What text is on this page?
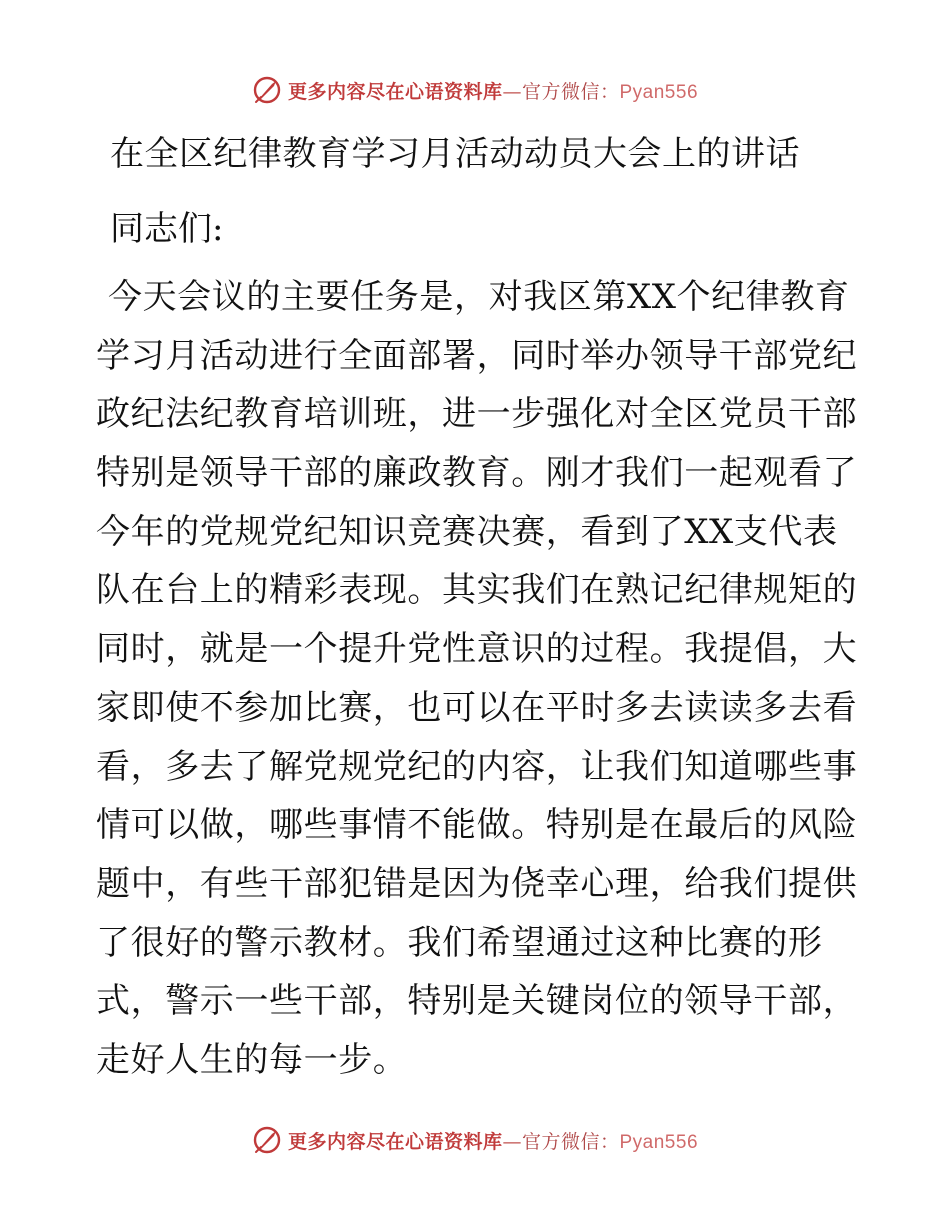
更多内容尽在心语资料库—官方微信：Pyan556
在全区纪律教育学习月活动动员大会上的讲话
同志们:
今天会议的主要任务是，对我区第XX个纪律教育
学习月活动进行全面部署，同时举办领导干部党纪
政纪法纪教育培训班，进一步强化对全区党员干部
特别是领导干部的廉政教育。刚才我们一起观看了
今年的党规党纪知识竞赛决赛，看到了XX支代表
队在台上的精彩表现。其实我们在熟记纪律规矩的
同时，就是一个提升党性意识的过程。我提倡，大
家即使不参加比赛，也可以在平时多去读读多去看
看，多去了解党规党纪的内容，让我们知道哪些事
情可以做，哪些事情不能做。特别是在最后的风险
题中，有些干部犯错是因为侥幸心理，给我们提供
了很好的警示教材。我们希望通过这种比赛的形
式，警示一些干部，特别是关键岗位的领导干部，
走好人生的每一步。
更多内容尽在心语资料库—官方微信：Pyan556
